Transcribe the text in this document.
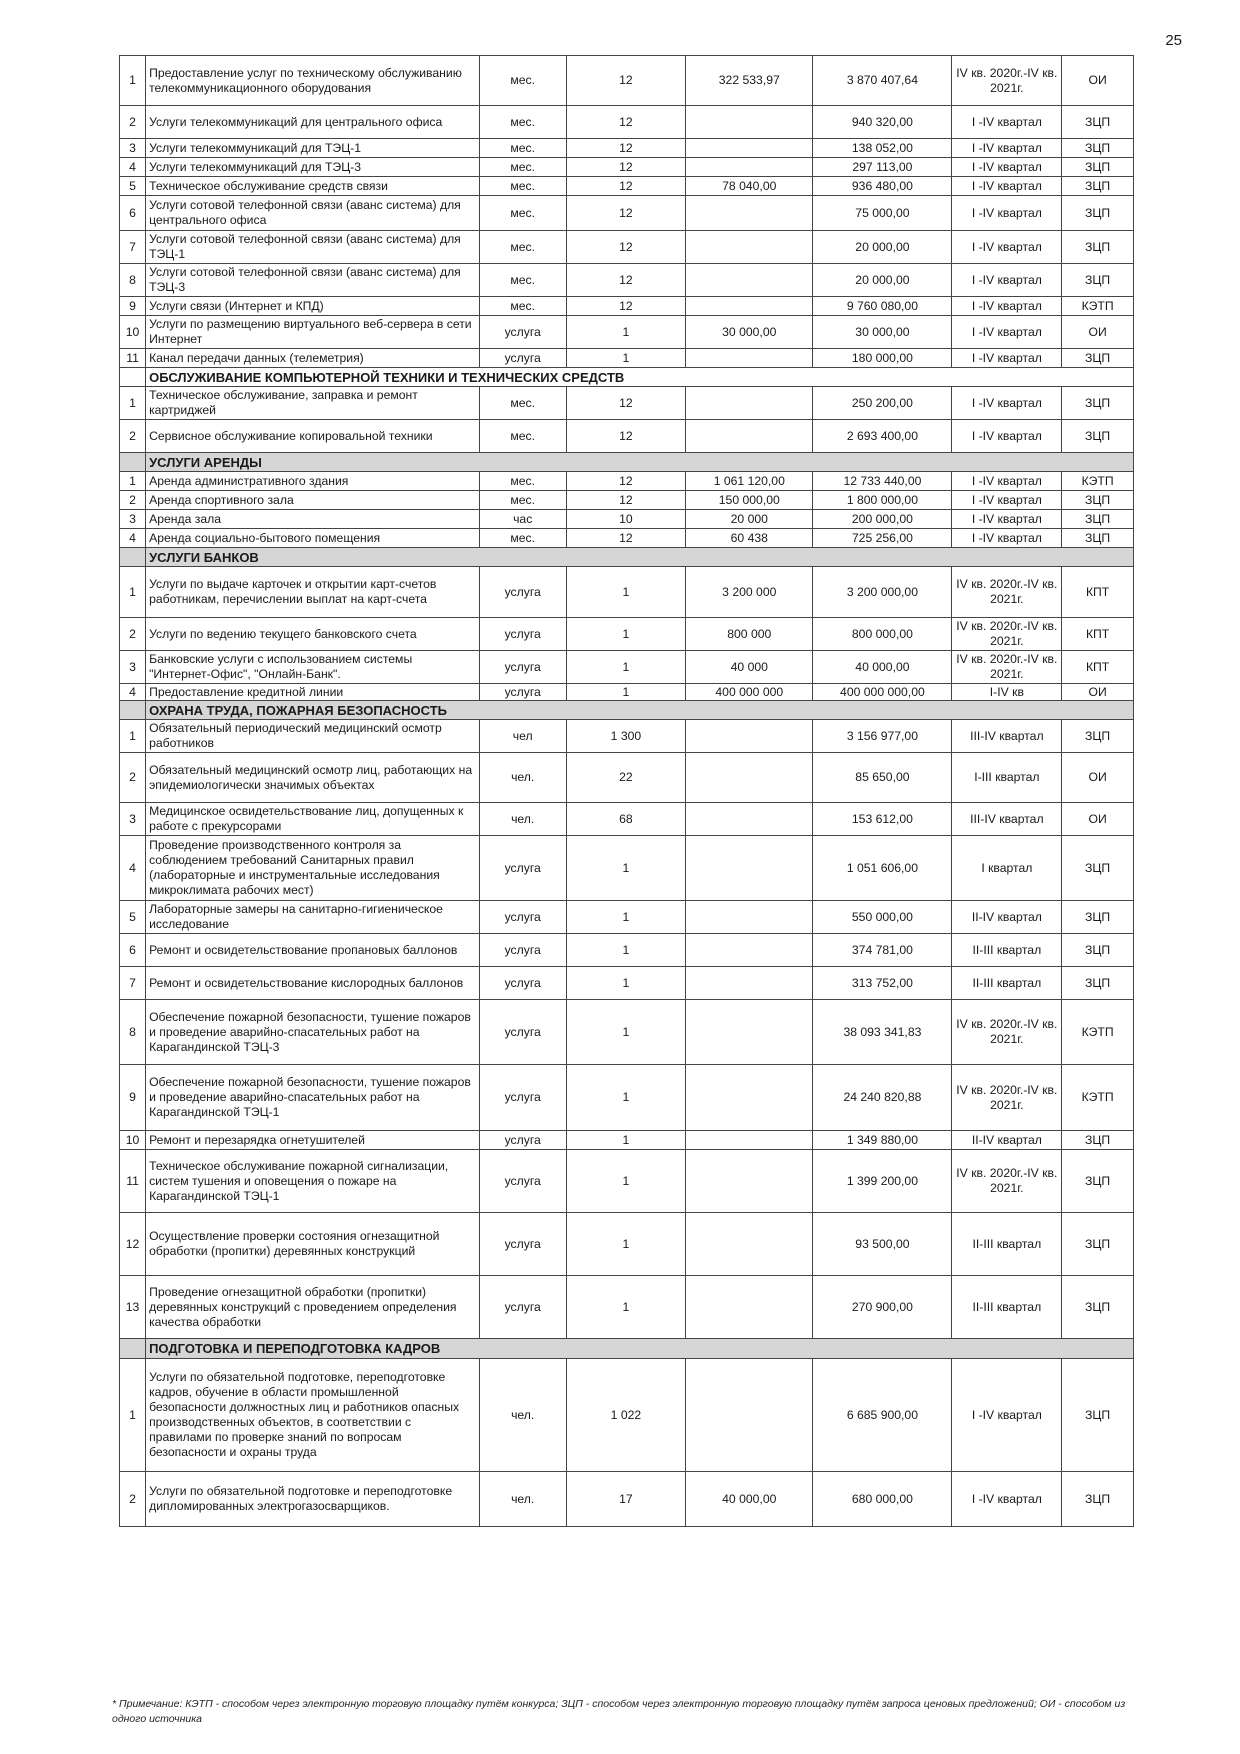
25
1	Предоставление услуг по техническому обслуживанию телекоммуникационного оборудования	мес.	12	322 533,97	3 870 407,64	IV кв. 2020г.-IV кв. 2021г.	ОИ
2	Услуги телекоммуникаций для центрального офиса	мес.	12		940 320,00	I -IV квартал	ЗЦП
3	Услуги телекоммуникаций для ТЭЦ-1	мес.	12		138 052,00	I -IV квартал	ЗЦП
4	Услуги телекоммуникаций для ТЭЦ-3	мес.	12		297 113,00	I -IV квартал	ЗЦП
5	Техническое обслуживание средств связи	мес.	12	78 040,00	936 480,00	I -IV квартал	ЗЦП
6	Услуги сотовой телефонной связи (аванс система) для центрального офиса	мес.	12		75 000,00	I -IV квартал	ЗЦП
7	Услуги сотовой телефонной связи (аванс система) для ТЭЦ-1	мес.	12		20 000,00	I -IV квартал	ЗЦП
8	Услуги сотовой телефонной связи (аванс система) для ТЭЦ-3	мес.	12		20 000,00	I -IV квартал	ЗЦП
9	Услуги связи (Интернет и КПД)	мес.	12		9 760 080,00	I -IV квартал	КЭТП
10	Услуги по размещению виртуального веб-сервера в сети Интернет	услуга	1	30 000,00	30 000,00	I -IV квартал	ОИ
11	Канал передачи данных (телеметрия)	услуга	1		180 000,00	I -IV квартал	ЗЦП
	ОБСЛУЖИВАНИЕ КОМПЬЮТЕРНОЙ ТЕХНИКИ И ТЕХНИЧЕСКИХ СРЕДСТВ						
1	Техническое обслуживание, заправка и ремонт картриджей	мес.	12		250 200,00	I -IV квартал	ЗЦП
2	Сервисное обслуживание копировальной техники	мес.	12		2 693 400,00	I -IV квартал	ЗЦП
	УСЛУГИ АРЕНДЫ						
1	Аренда административного здания	мес.	12	1 061 120,00	12 733 440,00	I -IV квартал	КЭТП
2	Аренда спортивного зала	мес.	12	150 000,00	1 800 000,00	I -IV квартал	ЗЦП
3	Аренда зала	час	10	20 000	200 000,00	I -IV квартал	ЗЦП
4	Аренда социально-бытового помещения	мес.	12	60 438	725 256,00	I -IV квартал	ЗЦП
	УСЛУГИ БАНКОВ						
1	Услуги по выдаче карточек и открытии карт-счетов работникам, перечислении выплат на карт-счета	услуга	1	3 200 000	3 200 000,00	IV кв. 2020г.-IV кв. 2021г.	КПТ
2	Услуги по ведению текущего банковского счета	услуга	1	800 000	800 000,00	IV кв. 2020г.-IV кв. 2021г.	КПТ
3	Банковские услуги с использованием системы "Интернет-Офис", "Онлайн-Банк".	услуга	1	40 000	40 000,00	IV кв. 2020г.-IV кв. 2021г.	КПТ
4	Предоставление кредитной линии	услуга	1	400 000 000	400 000 000,00	I-IV кв	ОИ
	ОХРАНА ТРУДА, ПОЖАРНАЯ БЕЗОПАСНОСТЬ						
1	Обязательный периодический медицинский осмотр работников	чел	1 300		3 156 977,00	III-IV квартал	ЗЦП
2	Обязательный медицинский осмотр лиц, работающих на эпидемиологически значимых объектах	чел.	22		85 650,00	I-III квартал	ОИ
3	Медицинское освидетельствование лиц, допущенных к работе с прекурсорами	чел.	68		153 612,00	III-IV квартал	ОИ
4	Проведение производственного контроля за соблюдением требований Санитарных правил (лабораторные и инструментальные исследования микроклимата рабочих мест)	услуга	1		1 051 606,00	I квартал	ЗЦП
5	Лабораторные замеры на санитарно-гигиеническое исследование	услуга	1		550 000,00	II-IV квартал	ЗЦП
6	Ремонт и освидетельствование пропановых баллонов	услуга	1		374 781,00	II-III квартал	ЗЦП
7	Ремонт и освидетельствование кислородных баллонов	услуга	1		313 752,00	II-III квартал	ЗЦП
8	Обеспечение пожарной безопасности, тушение пожаров и проведение аварийно-спасательных работ на Карагандинской ТЭЦ-3	услуга	1		38 093 341,83	IV кв. 2020г.-IV кв. 2021г.	КЭТП
9	Обеспечение пожарной безопасности, тушение пожаров и проведение аварийно-спасательных работ на Карагандинской ТЭЦ-1	услуга	1		24 240 820,88	IV кв. 2020г.-IV кв. 2021г.	КЭТП
10	Ремонт и перезарядка огнетушителей	услуга	1		1 349 880,00	II-IV квартал	ЗЦП
11	Техническое обслуживание пожарной сигнализации, систем тушения и оповещения о пожаре на Карагандинской ТЭЦ-1	услуга	1		1 399 200,00	IV кв. 2020г.-IV кв. 2021г.	ЗЦП
12	Осуществление проверки состояния огнезащитной обработки (пропитки) деревянных конструкций	услуга	1		93 500,00	II-III квартал	ЗЦП
13	Проведение огнезащитной обработки (пропитки) деревянных конструкций с проведением определения качества обработки	услуга	1		270 900,00	II-III квартал	ЗЦП
	ПОДГОТОВКА И ПЕРЕПОДГОТОВКА КАДРОВ						
1	Услуги по обязательной подготовке, переподготовке кадров, обучение в области промышленной безопасности должностных лиц и работников опасных производственных объектов, в соответствии с правилами по проверке знаний по вопросам безопасности и охраны труда	чел.	1 022		6 685 900,00	I -IV квартал	ЗЦП
2	Услуги по обязательной подготовке и переподготовке дипломированных электрогазосварщиков.	чел.	17	40 000,00	680 000,00	I -IV квартал	ЗЦП
* Примечание: КЭТП - способом через электронную торговую площадку путём конкурса; ЗЦП - способом через электронную торговую площадку путём запроса ценовых предложений; ОИ - способом из одного источника
